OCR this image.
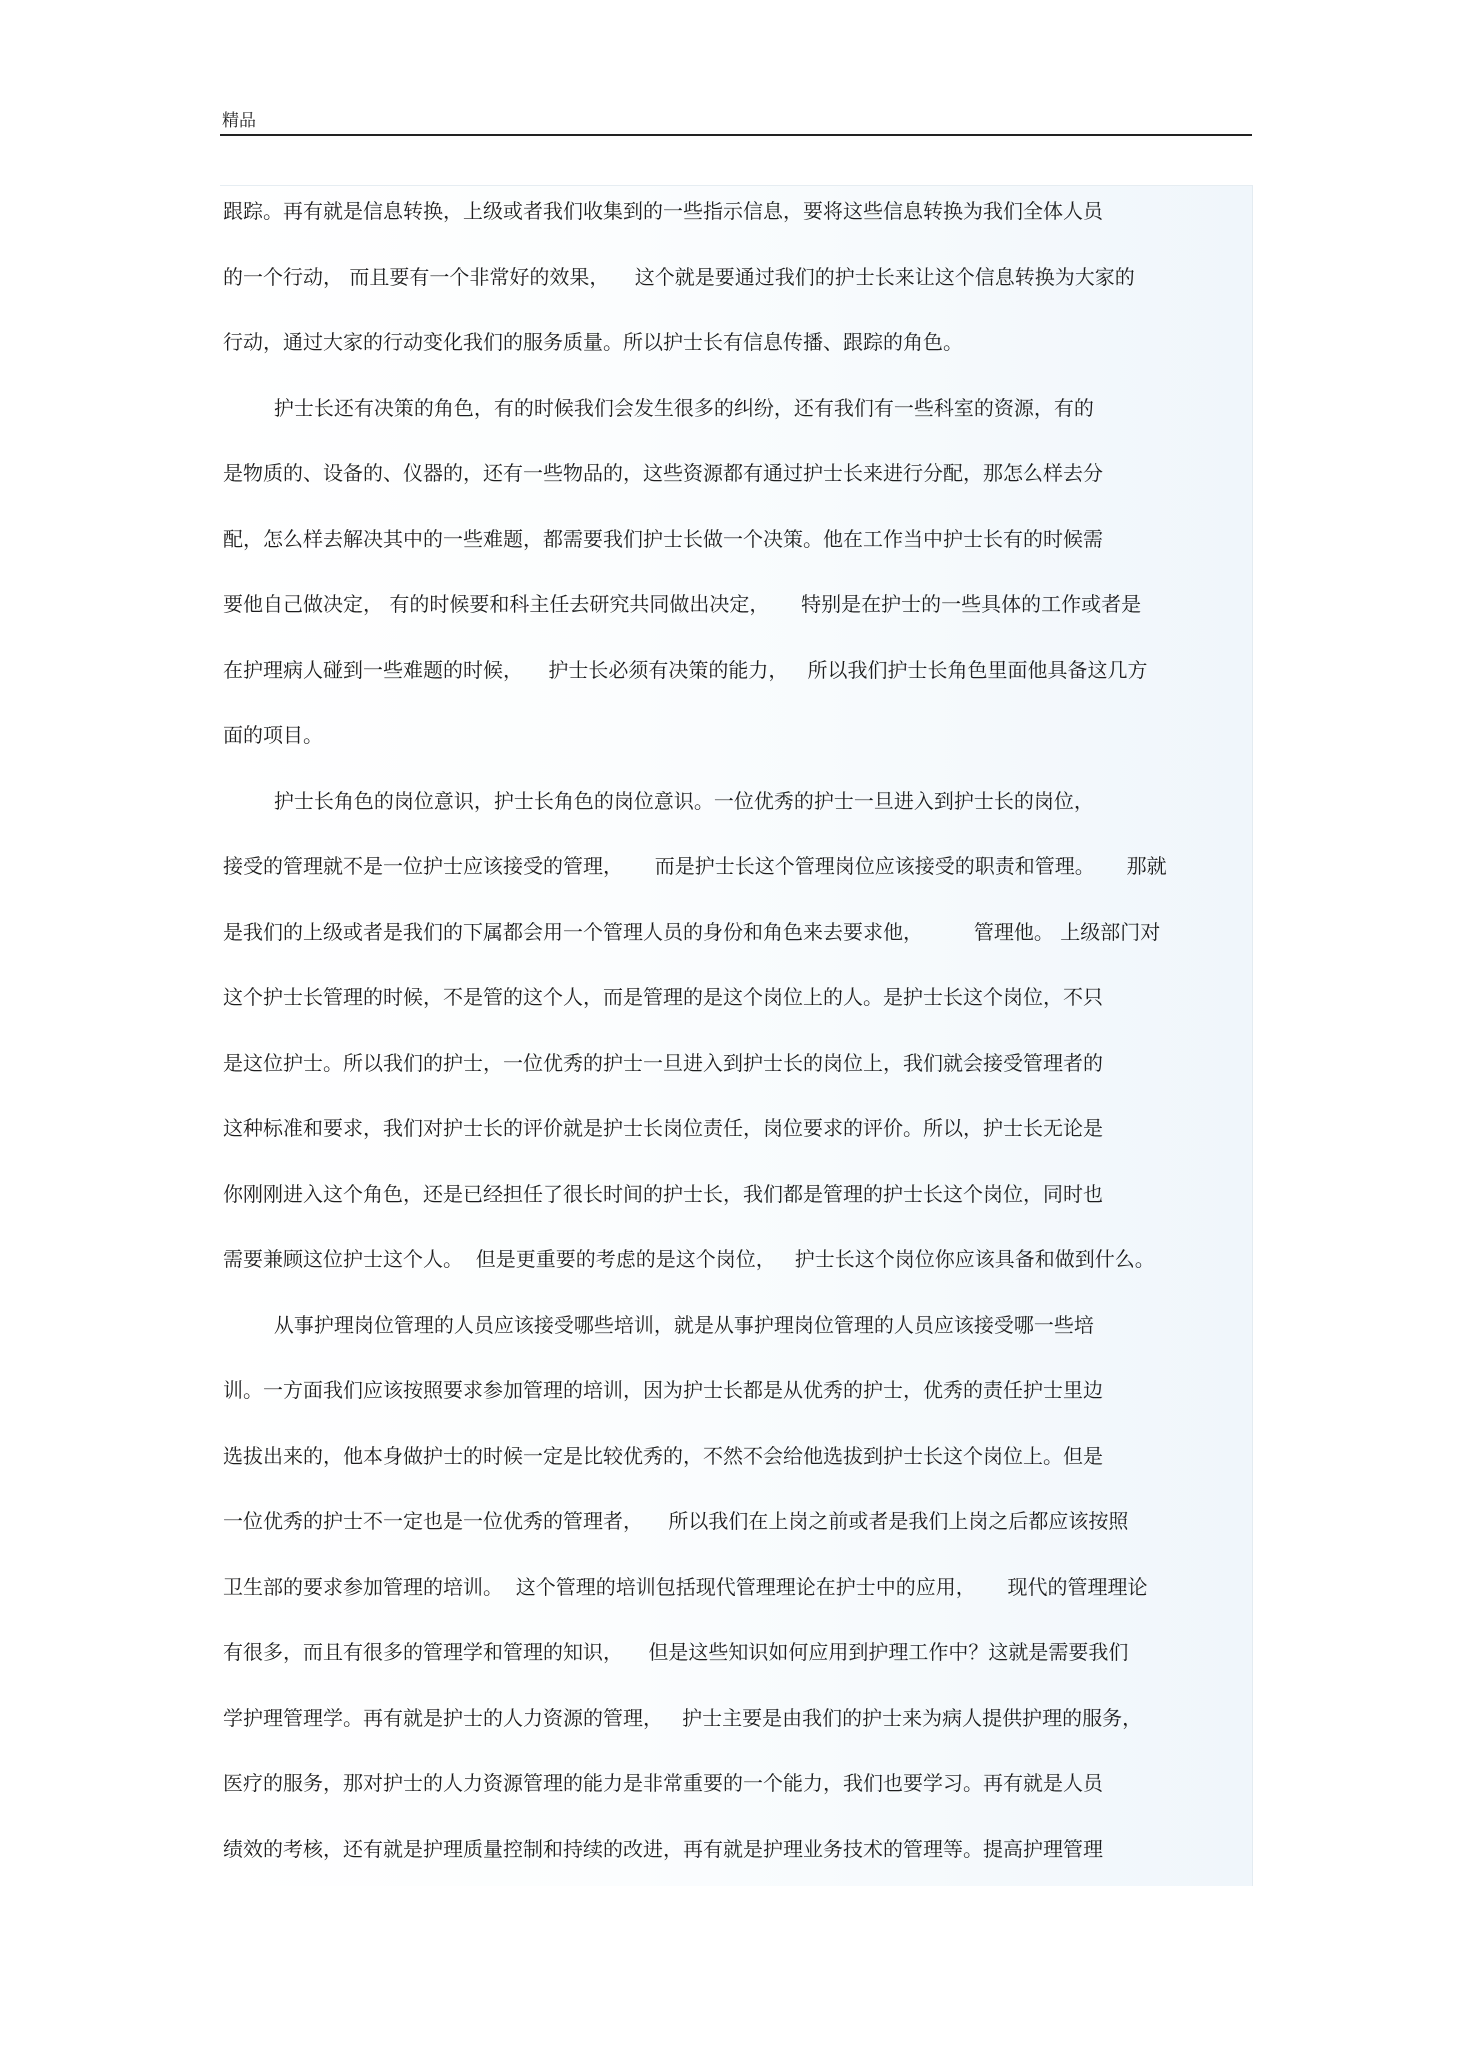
精品
跟踪。再有就是信息转换，上级或者我们收集到的一些指示信息，要将这些信息转换为我们全体人员
的一个行动， 而且要有一个非常好的效果，    这个就是要通过我们的护士长来让这个信息转换为大家的
行动，通过大家的行动变化我们的服务质量。所以护士长有信息传播、跟踪的角色。
护士长还有决策的角色，有的时候我们会发生很多的纠纷，还有我们有一些科室的资源，有的
是物质的、设备的、仪器的，还有一些物品的，这些资源都有通过护士长来进行分配，那怎么样去分
配，怎么样去解决其中的一些难题，都需要我们护士长做一个决策。他在工作当中护士长有的时候需
要他自己做决定， 有的时候要和科主任去研究共同做出决定，     特别是在护士的一些具体的工作或者是
在护理病人碰到一些难题的时候，    护士长必须有决策的能力，   所以我们护士长角色里面他具备这几方
面的项目。
护士长角色的岗位意识，护士长角色的岗位意识。一位优秀的护士一旦进入到护士长的岗位，
接受的管理就不是一位护士应该接受的管理，     而是护士长这个管理岗位应该接受的职责和管理。     那就
是我们的上级或者是我们的下属都会用一个管理人员的身份和角色来去要求他，        管理他。 上级部门对
这个护士长管理的时候，不是管的这个人，而是管理的是这个岗位上的人。是护士长这个岗位，不只
是这位护士。所以我们的护士，一位优秀的护士一旦进入到护士长的岗位上，我们就会接受管理者的
这种标准和要求，我们对护士长的评价就是护士长岗位责任，岗位要求的评价。所以，护士长无论是
你刚刚进入这个角色，还是已经担任了很长时间的护士长，我们都是管理的护士长这个岗位，同时也
需要兼顾这位护士这个人。  但是更重要的考虑的是这个岗位，   护士长这个岗位你应该具备和做到什么。
从事护理岗位管理的人员应该接受哪些培训，就是从事护理岗位管理的人员应该接受哪一些培
训。一方面我们应该按照要求参加管理的培训，因为护士长都是从优秀的护士，优秀的责任护士里边
选拔出来的，他本身做护士的时候一定是比较优秀的，不然不会给他选拔到护士长这个岗位上。但是
一位优秀的护士不一定也是一位优秀的管理者，    所以我们在上岗之前或者是我们上岗之后都应该按照
卫生部的要求参加管理的培训。  这个管理的培训包括现代管理理论在护士中的应用，     现代的管理理论
有很多，而且有很多的管理学和管理的知识，    但是这些知识如何应用到护理工作中？这就是需要我们
学护理管理学。再有就是护士的人力资源的管理，   护士主要是由我们的护士来为病人提供护理的服务，
医疗的服务，那对护士的人力资源管理的能力是非常重要的一个能力，我们也要学习。再有就是人员
绩效的考核，还有就是护理质量控制和持续的改进，再有就是护理业务技术的管理等。提高护理管理
